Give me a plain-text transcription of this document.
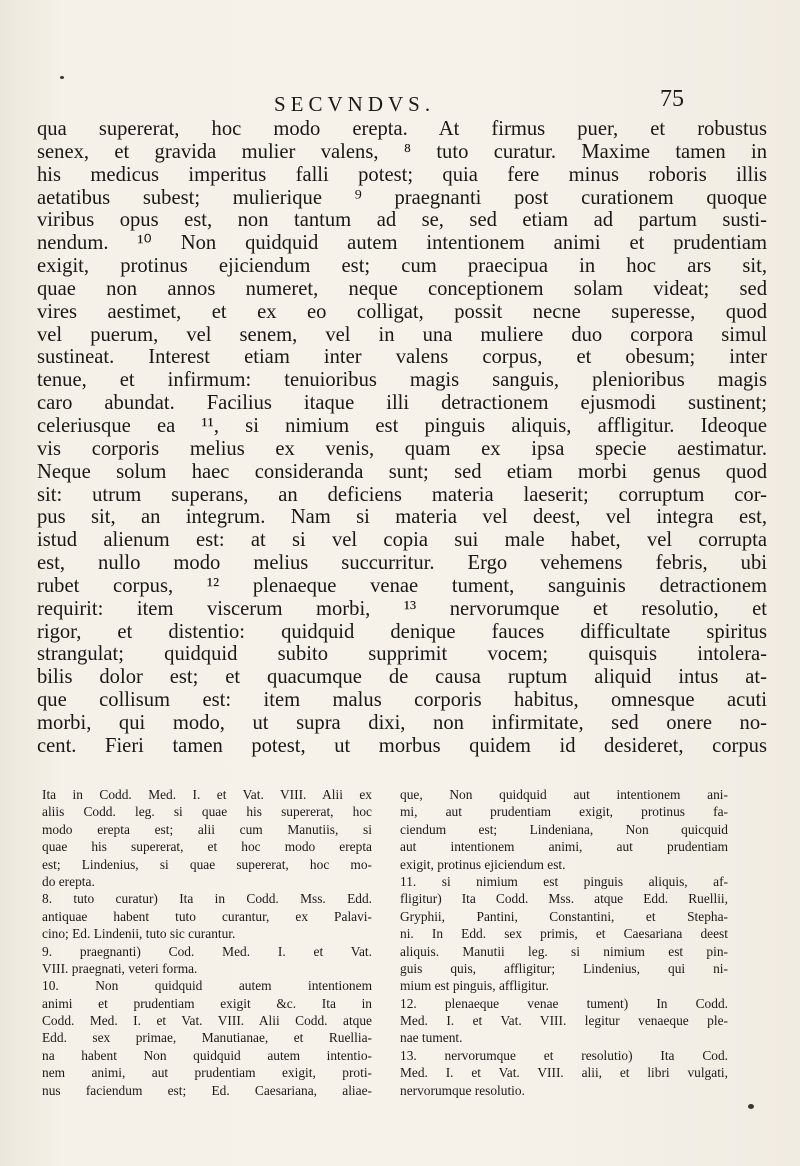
SECVNDVS.	75
qua supererat, hoc modo erepta. At firmus puer, et robustus
senex, et gravida mulier valens, ⁸ tuto curatur. Maxime tamen in
his medicus imperitus falli potest; quia fere minus roboris illis
aetatibus subest; mulierique ⁹ praegnanti post curationem quoque
viribus opus est, non tantum ad se, sed etiam ad partum susti-
nendum. ¹⁰ Non quidquid autem intentionem animi et prudentiam
exigit, protinus ejiciendum est; cum praecipua in hoc ars sit,
quae non annos numeret, neque conceptionem solam videat; sed
vires aestimet, et ex eo colligat, possit necne superesse, quod
vel puerum, vel senem, vel in una muliere duo corpora simul
sustineat. Interest etiam inter valens corpus, et obesum; inter
tenue, et infirmum: tenuioribus magis sanguis, plenioribus magis
caro abundat. Facilius itaque illi detractionem ejusmodi sustinent;
celeriusque ea ¹¹, si nimium est pinguis aliquis, affligitur. Ideoque
vis corporis melius ex venis, quam ex ipsa specie aestimatur.
Neque solum haec consideranda sunt; sed etiam morbi genus quod
sit: utrum superans, an deficiens materia laeserit; corruptum cor-
pus sit, an integrum. Nam si materia vel deest, vel integra est,
istud alienum est: at si vel copia sui male habet, vel corrupta
est, nullo modo melius succurritur. Ergo vehemens febris, ubi
rubet corpus, ¹² plenaeque venae tument, sanguinis detractionem
requirit: item viscerum morbi, ¹³ nervorumque et resolutio, et
rigor, et distentio: quidquid denique fauces difficultate spiritus
strangulat; quidquid subito supprimit vocem; quisquis intolera-
bilis dolor est; et quacumque de causa ruptum aliquid intus at-
que collisum est: item malus corporis habitus, omnesque acuti
morbi, qui modo, ut supra dixi, non infirmitate, sed onere no-
cent. Fieri tamen potest, ut morbus quidem id desideret, corpus
Ita in Codd. Med. I. et Vat. VIII. Alii ex
aliis Codd. leg. si quae his supererat, hoc
modo erepta est; alii cum Manutiis, si
quae his supererat, et hoc modo erepta
est; Lindenius, si quae supererat, hoc mo-
do erepta.
8. tuto curatur) Ita in Codd. Mss. Edd.
antiquae habent tuto curantur, ex Palavi-
cino; Ed. Lindenii, tuto sic curantur.
9. praegnanti) Cod. Med. I. et Vat.
VIII. praegnati, veteri forma.
10. Non quidquid autem intentionem
animi et prudentiam exigit &c. Ita in
Codd. Med. I. et Vat. VIII. Alii Codd. atque
Edd. sex primae, Manutianae, et Ruellia-
na habent Non quidquid autem intentio-
nem animi, aut prudentiam exigit, proti-
nus faciendum est; Ed. Caesariana, aliae-
que, Non quidquid aut intentionem ani-
mi, aut prudentiam exigit, protinus fa-
ciendum est; Lindeniana, Non quicquid
aut intentionem animi, aut prudentiam
exigit, protinus ejiciendum est.
11. si nimium est pinguis aliquis, af-
fligitur) Ita Codd. Mss. atque Edd. Ruellii,
Gryphii, Pantini, Constantini, et Stepha-
ni. In Edd. sex primis, et Caesariana deest
aliquis. Manutii leg. si nimium est pin-
guis quis, affligitur; Lindenius, qui ni-
mium est pinguis, affligitur.
12. plenaeque venae tument) In Codd.
Med. I. et Vat. VIII. legitur venaeque ple-
nae tument.
13. nervorumque et resolutio) Ita Cod.
Med. I. et Vat. VIII. alii, et libri vulgati,
nervorumque resolutio.
